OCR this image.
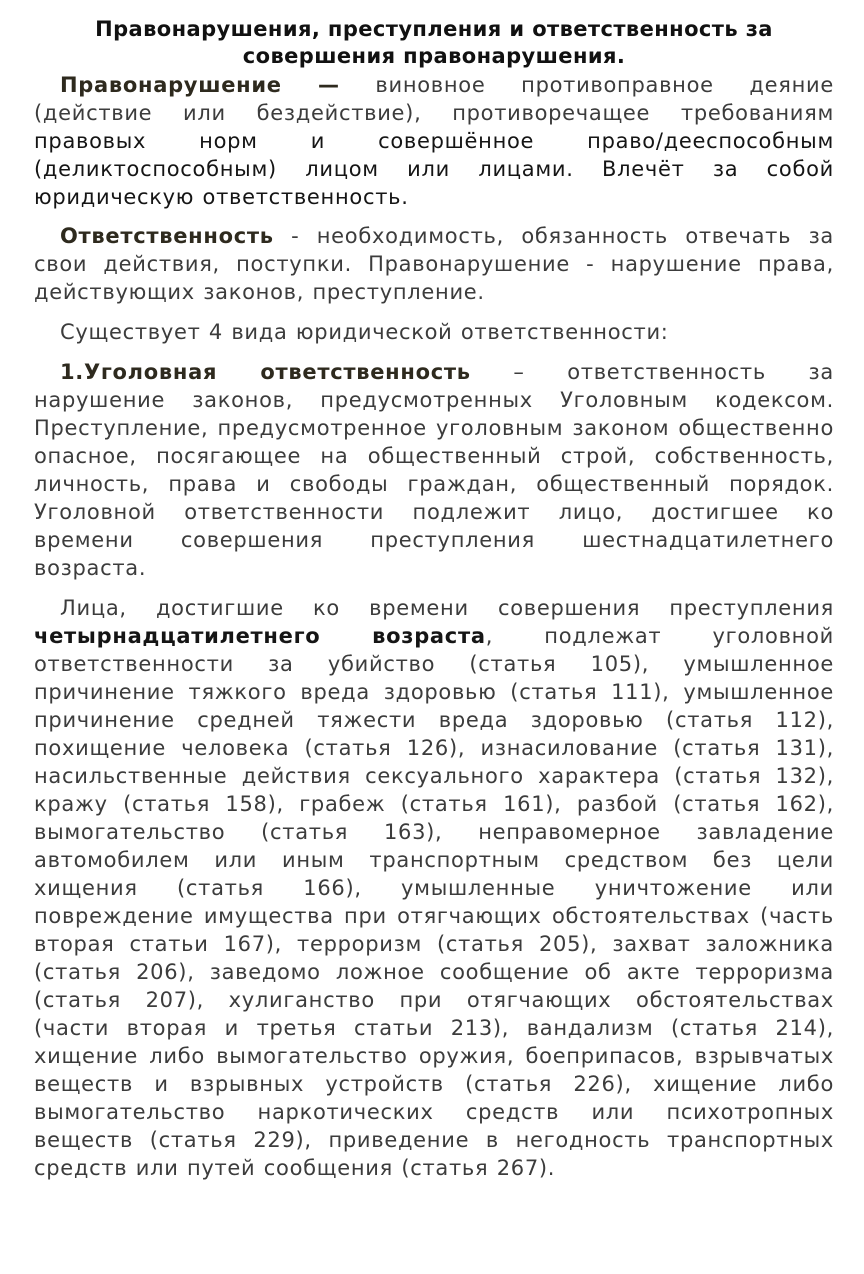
Правонарушения, преступления и ответственность за совершения правонарушения.

Правонарушение — виновное противоправное деяние (действие или бездействие), противоречащее требованиям правовых норм и совершённое право/дееспособным (деликтоспособным) лицом или лицами. Влечёт за собой юридическую ответственность.

Ответственность - необходимость, обязанность отвечать за свои действия, поступки. Правонарушение - нарушение права, действующих законов, преступление.

Существует 4 вида юридической ответственности:

1.Уголовная ответственность – ответственность за нарушение законов, предусмотренных Уголовным кодексом. Преступление, предусмотренное уголовным законом общественно опасное, посягающее на общественный строй, собственность, личность, права и свободы граждан, общественный порядок. Уголовной ответственности подлежит лицо, достигшее ко времени совершения преступления шестнадцатилетнего возраста.

Лица, достигшие ко времени совершения преступления четырнадцатилетнего возраста, подлежат уголовной ответственности за убийство (статья 105), умышленное причинение тяжкого вреда здоровью (статья 111), умышленное причинение средней тяжести вреда здоровью (статья 112), похищение человека (статья 126), изнасилование (статья 131), насильственные действия сексуального характера (статья 132), кражу (статья 158), грабеж (статья 161), разбой (статья 162), вымогательство (статья 163), неправомерное завладение автомобилем или иным транспортным средством без цели хищения (статья 166), умышленные уничтожение или повреждение имущества при отягчающих обстоятельствах (часть вторая статьи 167), терроризм (статья 205), захват заложника (статья 206), заведомо ложное сообщение об акте терроризма (статья 207), хулиганство при отягчающих обстоятельствах (части вторая и третья статьи 213), вандализм (статья 214), хищение либо вымогательство оружия, боеприпасов, взрывчатых веществ и взрывных устройств (статья 226), хищение либо вымогательство наркотических средств или психотропных веществ (статья 229), приведение в негодность транспортных средств или путей сообщения (статья 267).
